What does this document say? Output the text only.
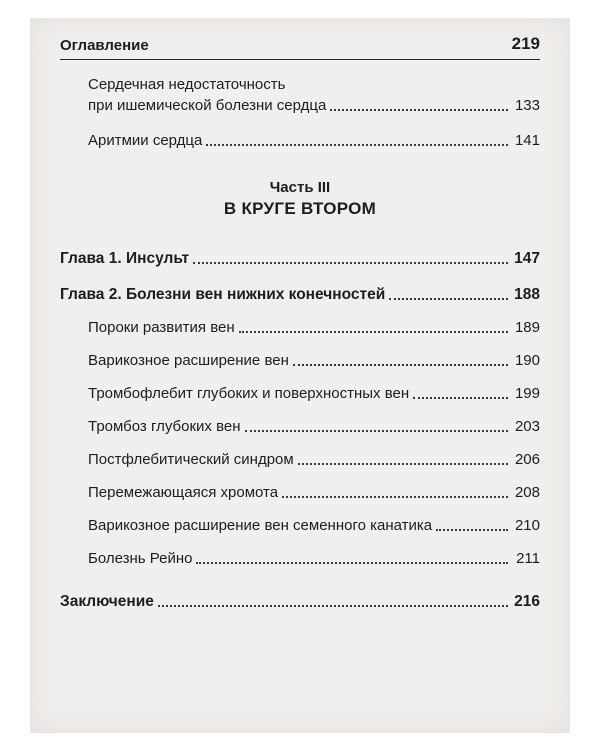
Оглавление	219
Сердечная недостаточность
при ишемической болезни сердца	133
Аритмии сердца	141
Часть III
В КРУГЕ ВТОРОМ
Глава 1. Инсульт	147
Глава 2. Болезни вен нижних конечностей	188
Пороки развития вен	189
Варикозное расширение вен	190
Тромбофлебит глубоких и поверхностных вен	199
Тромбоз глубоких вен	203
Постфлебитический синдром	206
Перемежающаяся хромота	208
Варикозное расширение вен семенного канатика	210
Болезнь Рейно	211
Заключение	216
